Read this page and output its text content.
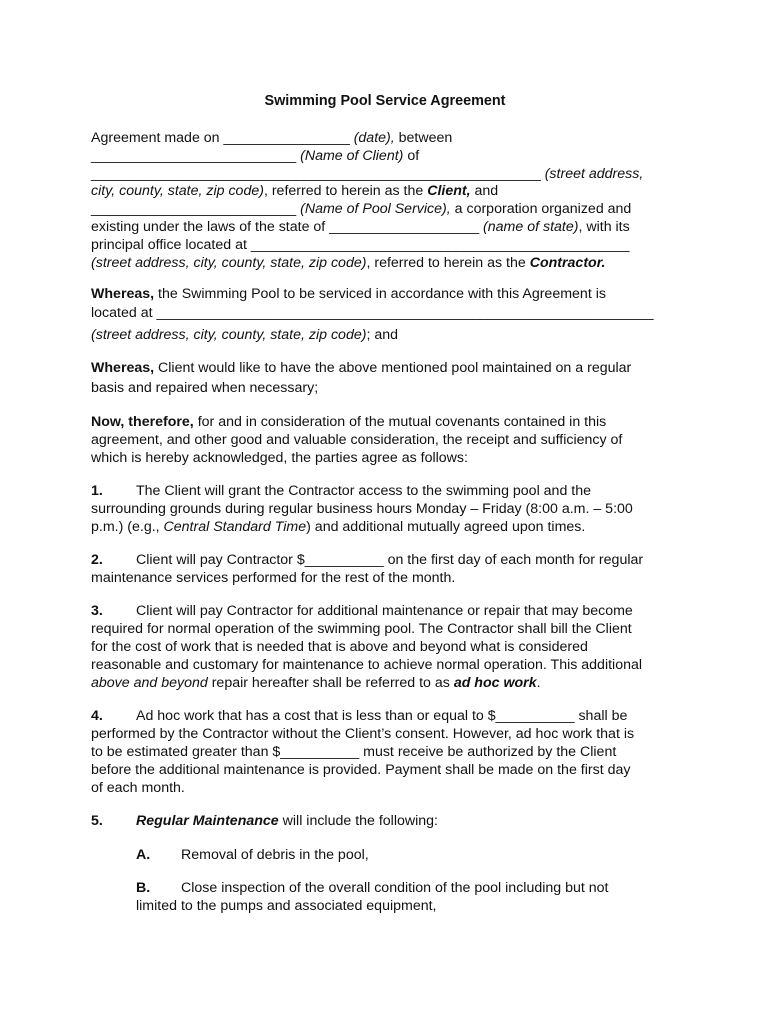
Swimming Pool Service Agreement
Agreement made on ________________ (date), between
__________________________ (Name of Client) of
_________________________________________________________ (street address,
city, county, state, zip code), referred to herein as the Client, and
__________________________ (Name of Pool Service), a corporation organized and
existing under the laws of the state of ___________________ (name of state), with its
principal office located at ________________________________________________
(street address, city, county, state, zip code), referred to herein as the Contractor.
Whereas, the Swimming Pool to be serviced in accordance with this Agreement is
located at _______________________________________________________________
(street address, city, county, state, zip code); and
Whereas, Client would like to have the above mentioned pool maintained on a regular
basis and repaired when necessary;
Now, therefore, for and in consideration of the mutual covenants contained in this
agreement, and other good and valuable consideration, the receipt and sufficiency of
which is hereby acknowledged, the parties agree as follows:
1. The Client will grant the Contractor access to the swimming pool and the
surrounding grounds during regular business hours Monday – Friday (8:00 a.m. – 5:00
p.m.) (e.g., Central Standard Time) and additional mutually agreed upon times.
2. Client will pay Contractor $__________ on the first day of each month for regular
maintenance services performed for the rest of the month.
3. Client will pay Contractor for additional maintenance or repair that may become
required for normal operation of the swimming pool. The Contractor shall bill the Client
for the cost of work that is needed that is above and beyond what is considered
reasonable and customary for maintenance to achieve normal operation. This additional
above and beyond repair hereafter shall be referred to as ad hoc work.
4. Ad hoc work that has a cost that is less than or equal to $__________ shall be
performed by the Contractor without the Client’s consent. However, ad hoc work that is
to be estimated greater than $__________ must receive be authorized by the Client
before the additional maintenance is provided. Payment shall be made on the first day
of each month.
5. Regular Maintenance will include the following:
A. Removal of debris in the pool,
B. Close inspection of the overall condition of the pool including but not
limited to the pumps and associated equipment,
